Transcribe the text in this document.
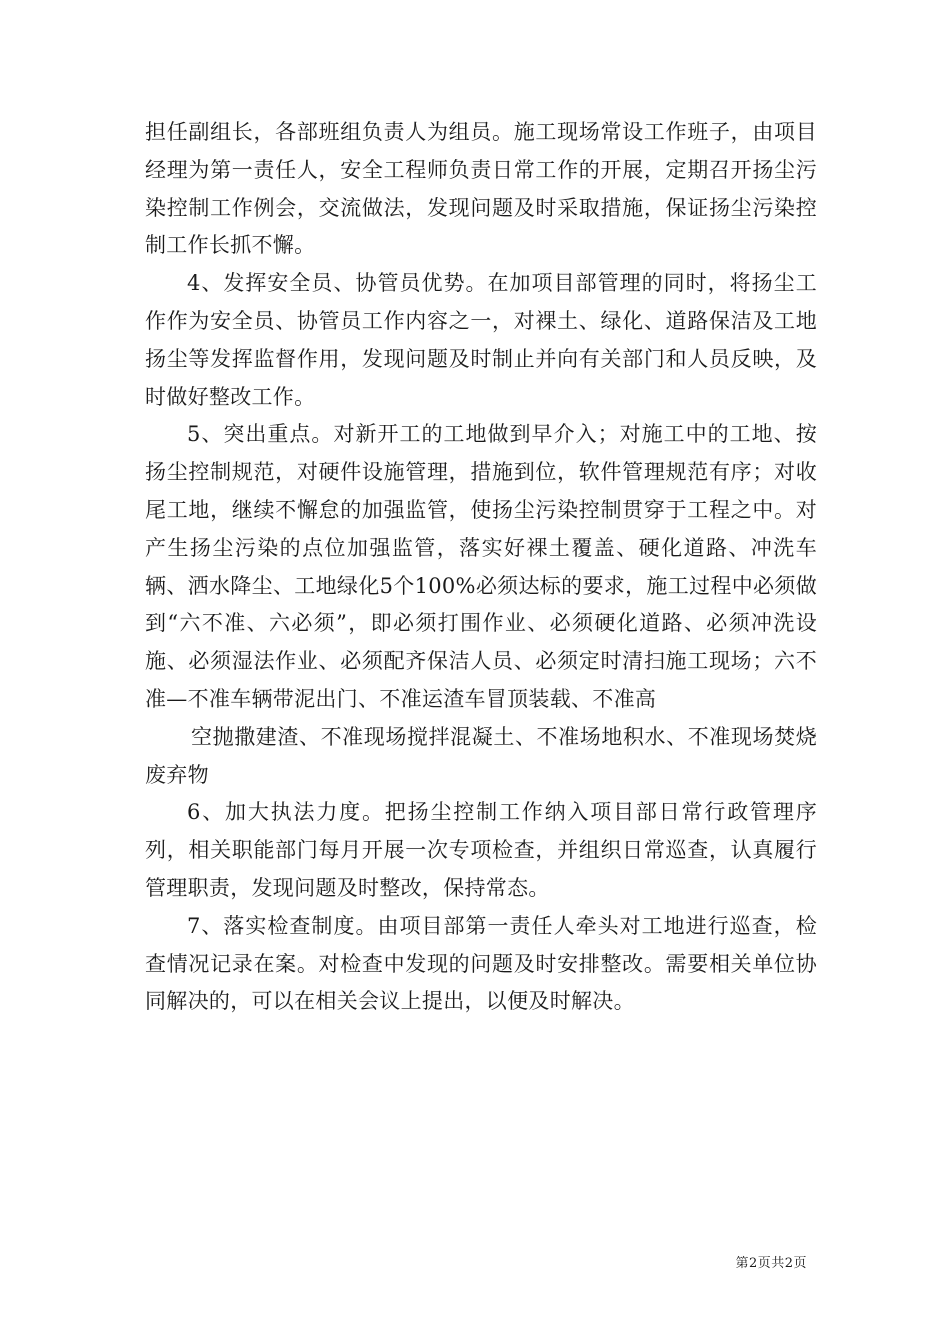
担任副组长，各部班组负责人为组员。施工现场常设工作班子，由项目经理为第一责任人，安全工程师负责日常工作的开展，定期召开扬尘污染控制工作例会，交流做法，发现问题及时采取措施，保证扬尘污染控制工作长抓不懈。

4、发挥安全员、协管员优势。在加项目部管理的同时，将扬尘工作作为安全员、协管员工作内容之一，对裸土、绿化、道路保洁及工地扬尘等发挥监督作用，发现问题及时制止并向有关部门和人员反映，及时做好整改工作。

5、突出重点。对新开工的工地做到早介入；对施工中的工地、按扬尘控制规范，对硬件设施管理，措施到位，软件管理规范有序；对收尾工地，继续不懈怠的加强监管，使扬尘污染控制贯穿于工程之中。对产生扬尘污染的点位加强监管，落实好裸土覆盖、硬化道路、冲洗车辆、洒水降尘、工地绿化5个100%必须达标的要求，施工过程中必须做到“六不准、六必须”，即必须打围作业、必须硬化道路、必须冲洗设施、必须湿法作业、必须配齐保洁人员、必须定时清扫施工现场；六不准—不准车辆带泥出门、不准运渣车冒顶装载、不准高

空抛撒建渣、不准现场搅拌混凝土、不准场地积水、不准现场焚烧废弃物

6、加大执法力度。把扬尘控制工作纳入项目部日常行政管理序列，相关职能部门每月开展一次专项检查，并组织日常巡查，认真履行管理职责，发现问题及时整改，保持常态。

7、落实检查制度。由项目部第一责任人牵头对工地进行巡查，检查情况记录在案。对检查中发现的问题及时安排整改。需要相关单位协同解决的，可以在相关会议上提出，以便及时解决。

第2页共2页
